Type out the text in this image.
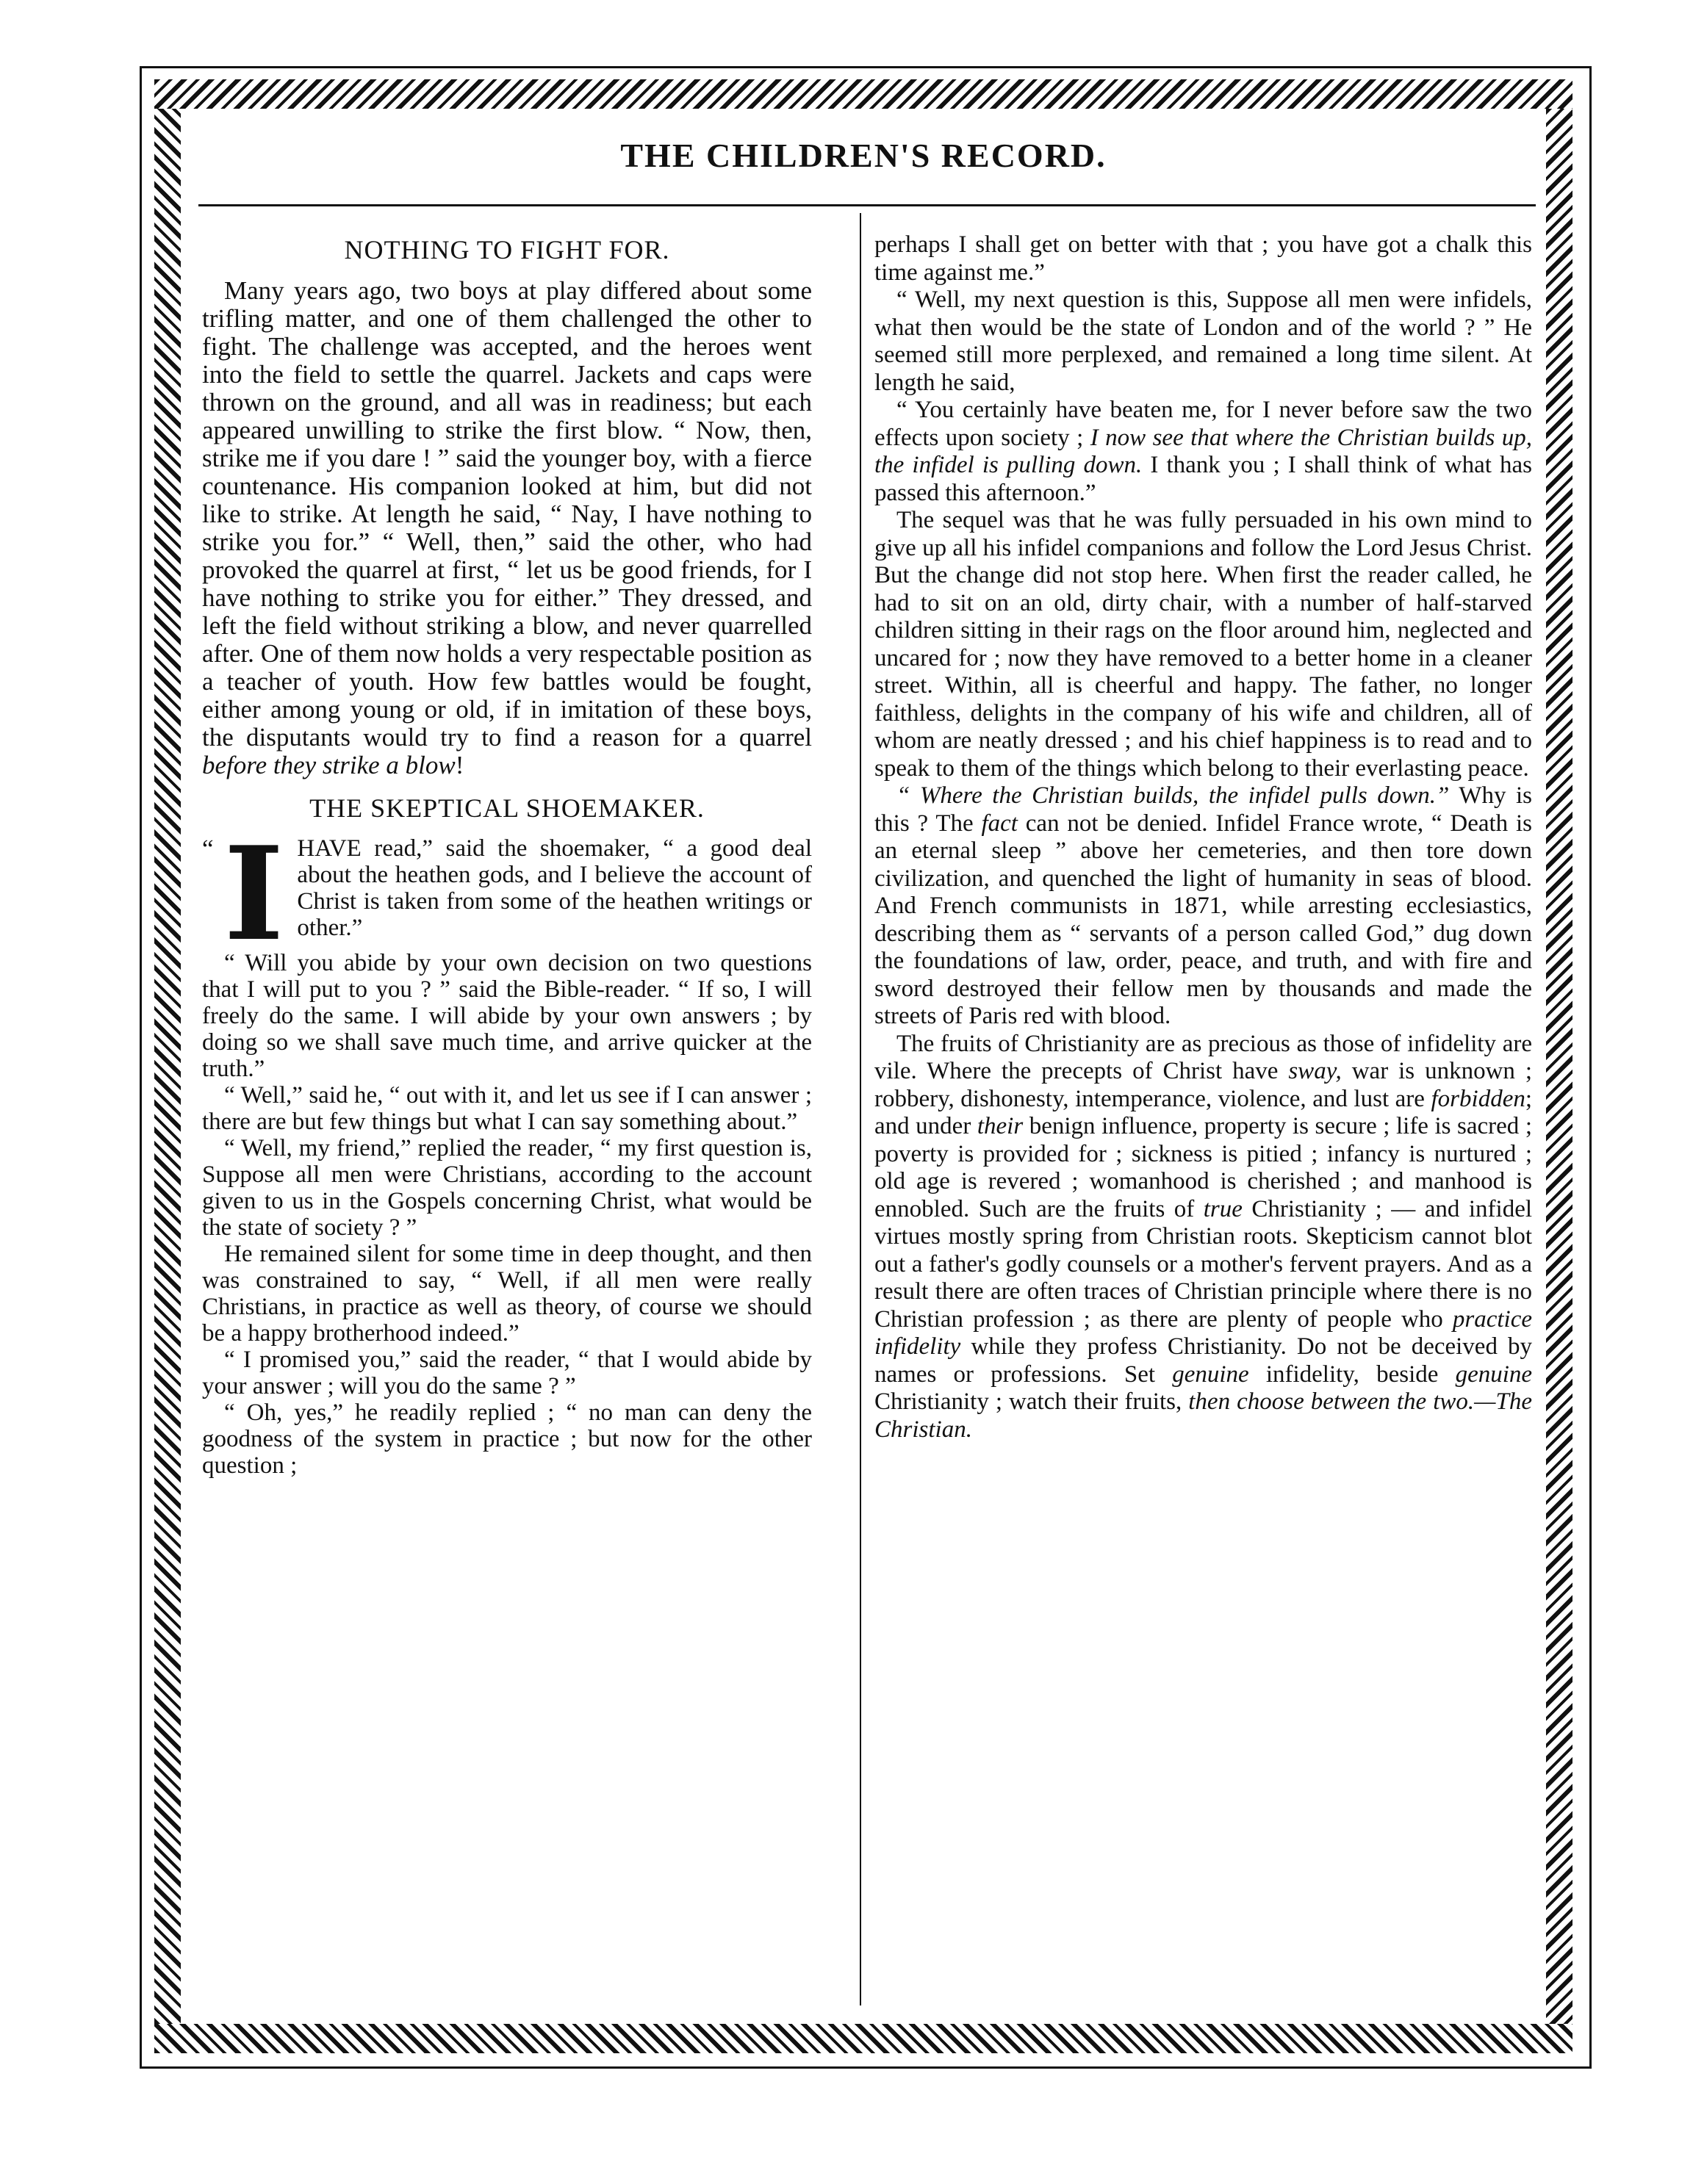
THE CHILDREN'S RECORD.
NOTHING TO FIGHT FOR.

Many years ago, two boys at play differed about some trifling matter, and one of them challenged the other to fight. The challenge was accepted, and the heroes went into the field to settle the quarrel. Jackets and caps were thrown on the ground, and all was in readiness; but each appeared unwilling to strike the first blow. “ Now, then, strike me if you dare ! ” said the younger boy, with a fierce countenance. His companion looked at him, but did not like to strike. At length he said, “ Nay, I have nothing to strike you for.” “ Well, then,” said the other, who had provoked the quarrel at first, “ let us be good friends, for I have nothing to strike you for either.” They dressed, and left the field without striking a blow, and never quarrelled after. One of them now holds a very respectable position as a teacher of youth. How few battles would be fought, either among young or old, if in imitation of these boys, the disputants would try to find a reason for a quarrel before they strike a blow!

THE SKEPTICAL SHOEMAKER.
“ I HAVE read,” said the shoemaker, “ a good deal about the heathen gods, and I believe the account of Christ is taken from some of the heathen writings or other.”

“ Will you abide by your own decision on two questions that I will put to you ? ” said the Bible-reader. “ If so, I will freely do the same. I will abide by your own answers ; by doing so we shall save much time, and arrive quicker at the truth.”

“ Well,” said he, “ out with it, and let us see if I can answer ; there are but few things but what I can say something about.”

“ Well, my friend,” replied the reader, “ my first question is, Suppose all men were Christians, according to the account given to us in the Gospels concerning Christ, what would be the state of society ? ”

He remained silent for some time in deep thought, and then was constrained to say, “ Well, if all men were really Christians, in practice as well as theory, of course we should be a happy brotherhood indeed.”

“ I promised you,” said the reader, “ that I would abide by your answer ; will you do the same ? ”

“ Oh, yes,” he readily replied ; “ no man can deny the goodness of the system in practice ; but now for the other question ;

perhaps I shall get on better with that ; you have got a chalk this time against me.”

“ Well, my next question is this, Suppose all men were infidels, what then would be the state of London and of the world ? ” He seemed still more perplexed, and remained a long time silent. At length he said,

“ You certainly have beaten me, for I never before saw the two effects upon society ; I now see that where the Christian builds up, the infidel is pulling down. I thank you ; I shall think of what has passed this afternoon.”

The sequel was that he was fully persuaded in his own mind to give up all his infidel companions and follow the Lord Jesus Christ. But the change did not stop here. When first the reader called, he had to sit on an old, dirty chair, with a number of half-starved children sitting in their rags on the floor around him, neglected and uncared for ; now they have removed to a better home in a cleaner street. Within, all is cheerful and happy. The father, no longer faithless, delights in the company of his wife and children, all of whom are neatly dressed ; and his chief happiness is to read and to speak to them of the things which belong to their everlasting peace.

“ Where the Christian builds, the infidel pulls down.” Why is this ? The fact can not be denied. Infidel France wrote, “ Death is an eternal sleep ” above her cemeteries, and then tore down civilization, and quenched the light of humanity in seas of blood. And French communists in 1871, while arresting ecclesiastics, describing them as “ servants of a person called God,” dug down the foundations of law, order, peace, and truth, and with fire and sword destroyed their fellow men by thousands and made the streets of Paris red with blood.

The fruits of Christianity are as precious as those of infidelity are vile. Where the precepts of Christ have sway, war is unknown ; robbery, dishonesty, intemperance, violence, and lust are forbidden; and under their benign influence, property is secure ; life is sacred ; poverty is provided for ; sickness is pitied ; infancy is nurtured ; old age is revered ; womanhood is cherished ; and manhood is ennobled. Such are the fruits of true Christianity ; — and infidel virtues mostly spring from Christian roots. Skepticism cannot blot out a father's godly counsels or a mother's fervent prayers. And as a result there are often traces of Christian principle where there is no Christian profession ; as there are plenty of people who practice infidelity while they profess Christianity. Do not be deceived by names or professions. Set genuine infidelity, beside genuine Christianity ; watch their fruits, then choose between the two.—The Christian.
